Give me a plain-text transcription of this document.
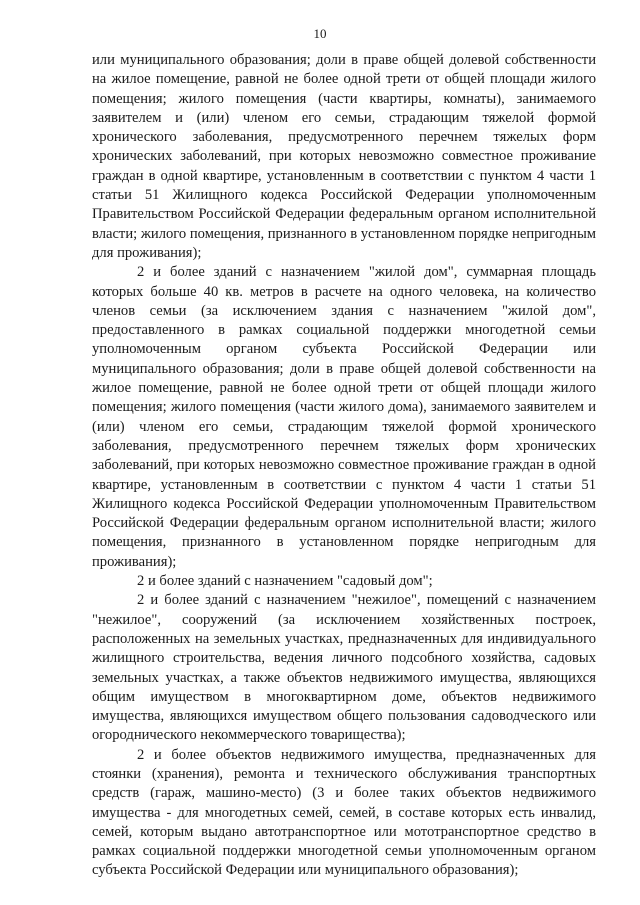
10

или муниципального образования; доли в праве общей долевой собственности на жилое помещение, равной не более одной трети от общей площади жилого помещения; жилого помещения (части квартиры, комнаты), занимаемого заявителем и (или) членом его семьи, страдающим тяжелой формой хронического заболевания, предусмотренного перечнем тяжелых форм хронических заболеваний, при которых невозможно совместное проживание граждан в одной квартире, установленным в соответствии с пунктом 4 части 1 статьи 51 Жилищного кодекса Российской Федерации уполномоченным Правительством Российской Федерации федеральным органом исполнительной власти; жилого помещения, признанного в установленном порядке непригодным для проживания);

2 и более зданий с назначением "жилой дом", суммарная площадь которых больше 40 кв. метров в расчете на одного человека, на количество членов семьи (за исключением здания с назначением "жилой дом", предоставленного в рамках социальной поддержки многодетной семьи уполномоченным органом субъекта Российской Федерации или муниципального образования; доли в праве общей долевой собственности на жилое помещение, равной не более одной трети от общей площади жилого помещения; жилого помещения (части жилого дома), занимаемого заявителем и (или) членом его семьи, страдающим тяжелой формой хронического заболевания, предусмотренного перечнем тяжелых форм хронических заболеваний, при которых невозможно совместное проживание граждан в одной квартире, установленным в соответствии с пунктом 4 части 1 статьи 51 Жилищного кодекса Российской Федерации уполномоченным Правительством Российской Федерации федеральным органом исполнительной власти; жилого помещения, признанного в установленном порядке непригодным для проживания);

2 и более зданий с назначением "садовый дом";

2 и более зданий с назначением "нежилое", помещений с назначением "нежилое", сооружений (за исключением хозяйственных построек, расположенных на земельных участках, предназначенных для индивидуального жилищного строительства, ведения личного подсобного хозяйства, садовых земельных участках, а также объектов недвижимого имущества, являющихся общим имуществом в многоквартирном доме, объектов недвижимого имущества, являющихся имуществом общего пользования садоводческого или огороднического некоммерческого товарищества);

2 и более объектов недвижимого имущества, предназначенных для стоянки (хранения), ремонта и технического обслуживания транспортных средств (гараж, машино-место) (3 и более таких объектов недвижимого имущества - для многодетных семей, семей, в составе которых есть инвалид, семей, которым выдано автотранспортное или мототранспортное средство в рамках социальной поддержки многодетной семьи уполномоченным органом субъекта Российской Федерации или муниципального образования);
